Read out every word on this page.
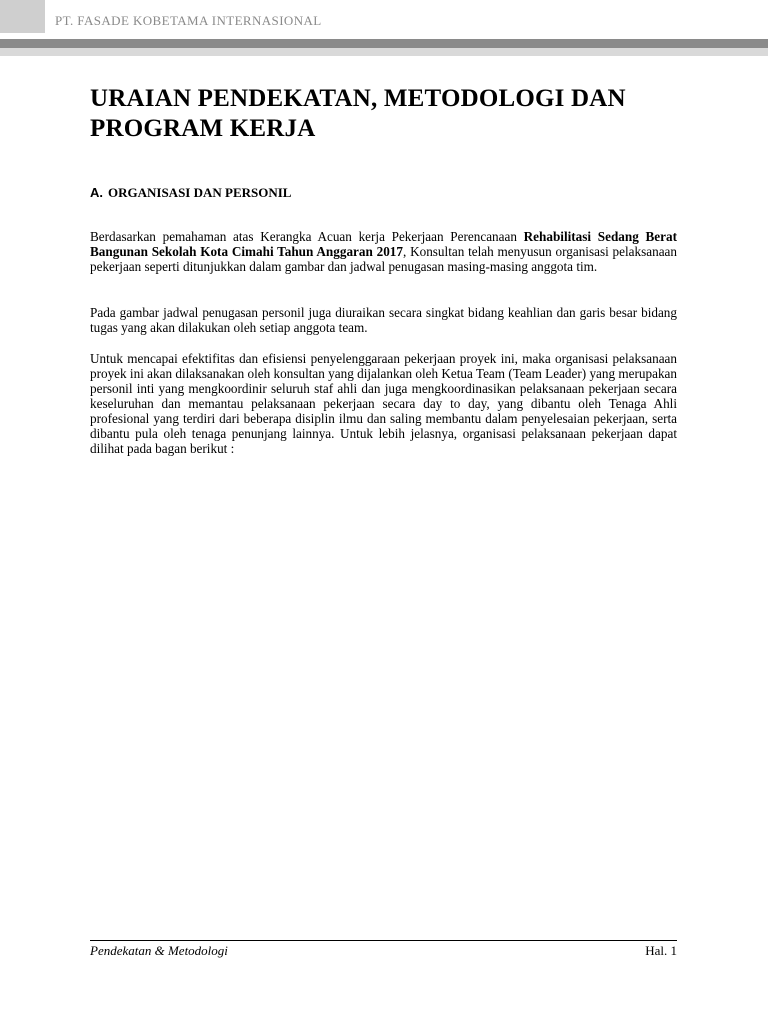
PT. FASADE KOBETAMA INTERNASIONAL
URAIAN PENDEKATAN, METODOLOGI DAN PROGRAM KERJA
A. ORGANISASI DAN PERSONIL

Berdasarkan pemahaman atas Kerangka Acuan kerja Pekerjaan Perencanaan Rehabilitasi Sedang Berat Bangunan Sekolah Kota Cimahi Tahun Anggaran 2017, Konsultan telah menyusun organisasi pelaksanaan pekerjaan seperti ditunjukkan dalam gambar dan jadwal penugasan masing-masing anggota tim.

Pada gambar jadwal penugasan personil juga diuraikan secara singkat bidang keahlian dan garis besar bidang tugas yang akan dilakukan oleh setiap anggota team.

Untuk mencapai efektifitas dan efisiensi penyelenggaraan pekerjaan proyek ini, maka organisasi pelaksanaan proyek ini akan dilaksanakan oleh konsultan yang dijalankan oleh Ketua Team (Team Leader) yang merupakan personil inti yang mengkoordinir seluruh staf ahli dan juga mengkoordinasikan pelaksanaan pekerjaan secara keseluruhan dan memantau pelaksanaan pekerjaan secara day to day, yang dibantu oleh Tenaga Ahli profesional yang terdiri dari beberapa disiplin ilmu dan saling membantu dalam penyelesaian pekerjaan, serta dibantu pula oleh tenaga penunjang lainnya. Untuk lebih jelasnya, organisasi pelaksanaan pekerjaan dapat dilihat pada bagan berikut :

Pendekatan & Metodologi	Hal. 1
